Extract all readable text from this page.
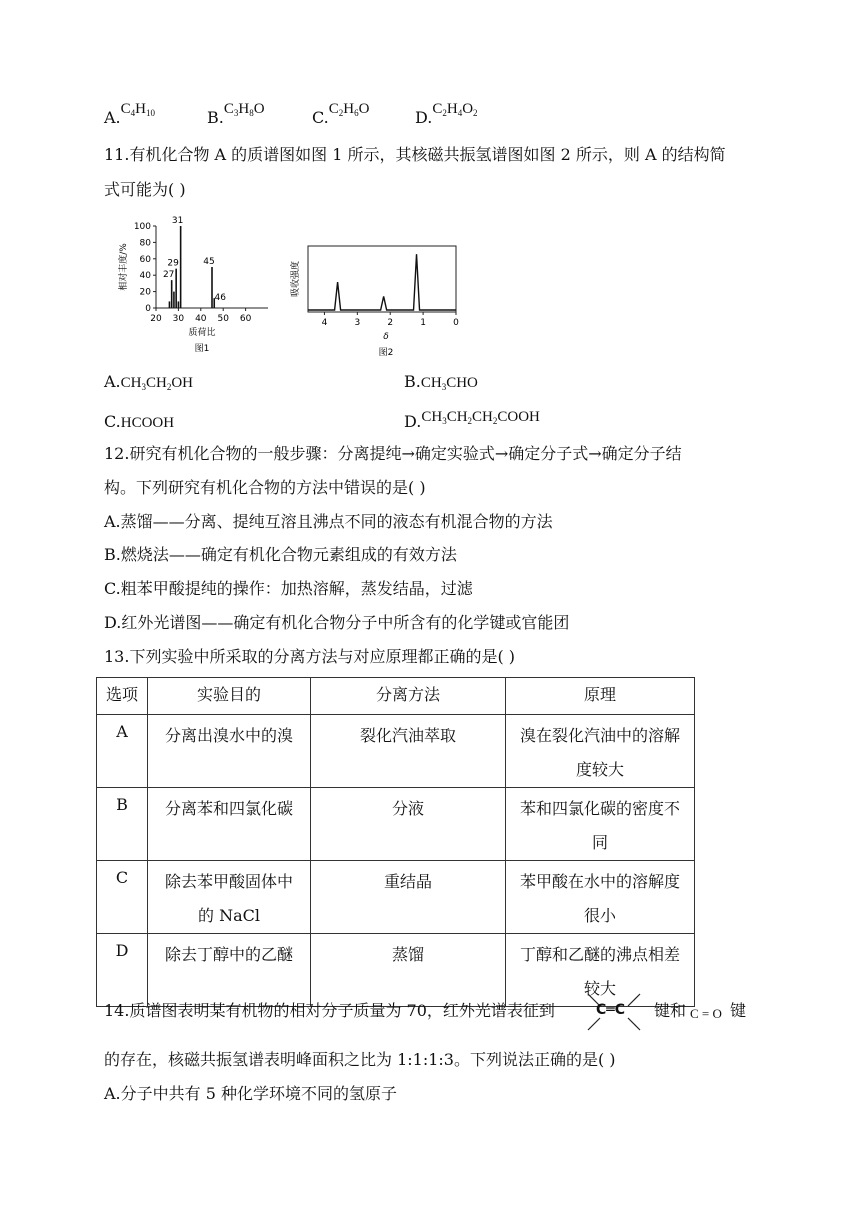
$A.C_4H_{10}$	$B.C_3H_8O$	$C.C_2H_6O$	$D.C_2H_4O_2$
11.有机化合物 A 的质谱图如图 1 所示，其核磁共振氢谱图如图 2 所示，则 A 的结构简
式可能为( )
0
20
40
60
80
100
20 30 40 50 60
27
29
31
45
46
质荷比
图1
相对丰度/%
4	3	2	1	0
δ
图2
吸收强度
$A.CH_3CH_2OH$	$B.CH_3CHO$
C.HCOOH	$D.CH_3CH_2CH_2COOH$
12.研究有机化合物的一般步骤：分离提纯→确定实验式→确定分子式→确定分子结
构。下列研究有机化合物的方法中错误的是( )
A.蒸馏——分离、提纯互溶且沸点不同的液态有机混合物的方法
B.燃烧法——确定有机化合物元素组成的有效方法
C.粗苯甲酸提纯的操作：加热溶解，蒸发结晶，过滤
D.红外光谱图——确定有机化合物分子中所含有的化学键或官能团
13.下列实验中所采取的分离方法与对应原理都正确的是( )
选项	实验目的	分离方法	原理
A	分离出溴水中的溴	裂化汽油萃取	溴在裂化汽油中的溶解
度较大
B	分离苯和四氯化碳	分液	苯和四氯化碳的密度不
同
C	除去苯甲酸固体中
的 NaCl	重结晶	苯甲酸在水中的溶解度
很小
D	除去丁醇中的乙醚	蒸馏	丁醇和乙醚的沸点相差
较大
14.质谱图表明某有机物的相对分子质量为 70，红外光谱表征到	C═C 键和 C = O 键
的存在，核磁共振氢谱表明峰面积之比为 1:1:1:3。下列说法正确的是( )
A.分子中共有 5 种化学环境不同的氢原子
